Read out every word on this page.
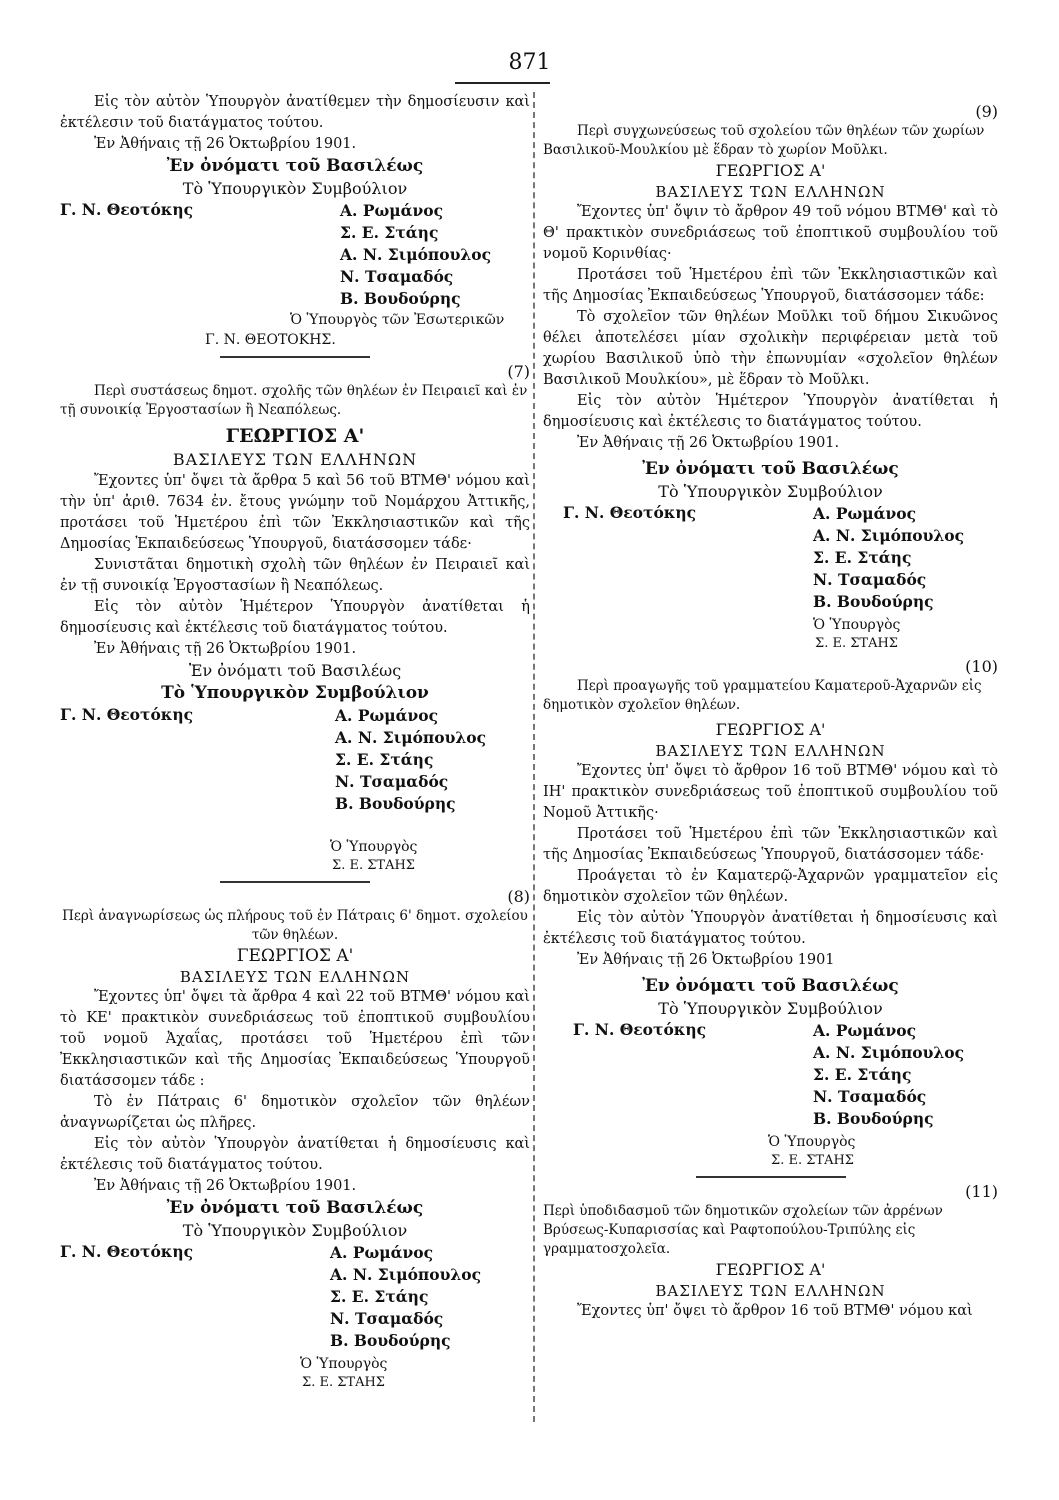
871

Εἰς τὸν αὐτὸν Ὑπουργὸν ἀνατίθεμεν τὴν δημοσίευσιν καὶ ἐκτέλεσιν τοῦ διατάγματος τούτου.

Ἐν Ἀθήναις τῇ 26 Ὀκτωβρίου 1901.

Ἐν ὀνόματι τοῦ Βασιλέως

Τὸ Ὑπουργικὸν Συμβούλιον

Γ. Ν. Θεοτόκης	Α. Ρωμάνος
Σ. Ε. Στάης
Α. Ν. Σιμόπουλος
Ν. Τσαμαδός
Β. Βουδούρης

Ὁ Ὑπουργὸς τῶν Ἐσωτερικῶν

Γ. Ν. ΘΕΟΤΟΚΗΣ.

(7)

Περὶ συστάσεως δημοτ. σχολῆς τῶν θηλέων ἐν Πειραιεῖ καὶ ἐν τῇ συνοικίᾳ Ἐργοστασίων ἢ Νεαπόλεως.

ΓΕΩΡΓΙΟΣ Α'

ΒΑΣΙΛΕΥΣ ΤΩΝ ΕΛΛΗΝΩΝ

Ἔχοντες ὑπ' ὄψει τὰ ἄρθρα 5 καὶ 56 τοῦ ΒΤΜΘ' νόμου καὶ τὴν ὑπ' ἀριθ. 7634 ἐν. ἔτους γνώμην τοῦ Νομάρχου Ἀττικῆς, προτάσει τοῦ Ἡμετέρου ἐπὶ τῶν Ἐκκλησιαστικῶν καὶ τῆς Δημοσίας Ἐκπαιδεύσεως Ὑπουργοῦ, διατάσσομεν τάδε·

Συνιστᾶται δημοτικὴ σχολὴ τῶν θηλέων ἐν Πειραιεῖ καὶ ἐν τῇ συνοικίᾳ Ἐργοστασίων ἢ Νεαπόλεως.

Εἰς τὸν αὐτὸν Ἡμέτερον Ὑπουργὸν ἀνατίθεται ἡ δημοσίευσις καὶ ἐκτέλεσις τοῦ διατάγματος τούτου.

Ἐν Ἀθήναις τῇ 26 Ὀκτωβρίου 1901.

Ἐν ὀνόματι τοῦ Βασιλέως

Τὸ Ὑπουργικὸν Συμβούλιον

Γ. Ν. Θεοτόκης	Α. Ρωμάνος
Α. Ν. Σιμόπουλος
Σ. Ε. Στάης
Ν. Τσαμαδός
Β. Βουδούρης

Ὁ Ὑπουργὸς

Σ. Ε. ΣΤΑΗΣ

(8)

Περὶ ἀναγνωρίσεως ὡς πλήρους τοῦ ἐν Πάτραις 6' δημοτ. σχολείου τῶν θηλέων.

ΓΕΩΡΓΙΟΣ Α'

ΒΑΣΙΛΕΥΣ ΤΩΝ ΕΛΛΗΝΩΝ

Ἔχοντες ὑπ' ὄψει τὰ ἄρθρα 4 καὶ 22 τοῦ ΒΤΜΘ' νόμου καὶ τὸ ΚΕ' πρακτικὸν συνεδριάσεως τοῦ ἐποπτικοῦ συμβουλίου τοῦ νομοῦ Ἀχαΐας, προτάσει τοῦ Ἡμετέρου ἐπὶ τῶν Ἐκκλησιαστικῶν καὶ τῆς Δημοσίας Ἐκπαιδεύσεως Ὑπουργοῦ διατάσσομεν τάδε :

Τὸ ἐν Πάτραις 6' δημοτικὸν σχολεῖον τῶν θηλέων ἀναγνωρίζεται ὡς πλῆρες.

Εἰς τὸν αὐτὸν Ὑπουργὸν ἀνατίθεται ἡ δημοσίευσις καὶ ἐκτέλεσις τοῦ διατάγματος τούτου.

Ἐν Ἀθήναις τῇ 26 Ὀκτωβρίου 1901.

Ἐν ὀνόματι τοῦ Βασιλέως

Τὸ Ὑπουργικὸν Συμβούλιον

Γ. Ν. Θεοτόκης	Α. Ρωμάνος
Α. Ν. Σιμόπουλος
Σ. Ε. Στάης
Ν. Τσαμαδός
Β. Βουδούρης

Ὁ Ὑπουργὸς

Σ. Ε. ΣΤΑΗΣ

(9)

Περὶ συγχωνεύσεως τοῦ σχολείου τῶν θηλέων τῶν χωρίων Βασιλικοῦ-Μουλκίου μὲ ἕδραν τὸ χωρίον Μοῦλκι.

ΓΕΩΡΓΙΟΣ Α'

ΒΑΣΙΛΕΥΣ ΤΩΝ ΕΛΛΗΝΩΝ

Ἔχοντες ὑπ' ὄψιν τὸ ἄρθρον 49 τοῦ νόμου ΒΤΜΘ' καὶ τὸ Θ' πρακτικὸν συνεδριάσεως τοῦ ἐποπτικοῦ συμβουλίου τοῦ νομοῦ Κορινθίας·

Προτάσει τοῦ Ἡμετέρου ἐπὶ τῶν Ἐκκλησιαστικῶν καὶ τῆς Δημοσίας Ἐκπαιδεύσεως Ὑπουργοῦ, διατάσσομεν τάδε:

Τὸ σχολεῖον τῶν θηλέων Μοῦλκι τοῦ δήμου Σικυῶνος θέλει ἀποτελέσει μίαν σχολικὴν περιφέρειαν μετὰ τοῦ χωρίου Βασιλικοῦ ὑπὸ τὴν ἐπωνυμίαν «σχολεῖον θηλέων Βασιλικοῦ Μουλκίου», μὲ ἕδραν τὸ Μοῦλκι.

Εἰς τὸν αὐτὸν Ἡμέτερον Ὑπουργὸν ἀνατίθεται ἡ δημοσίευσις καὶ ἐκτέλεσις το διατάγματος τούτου.

Ἐν Ἀθήναις τῇ 26 Ὀκτωβρίου 1901.

Ἐν ὀνόματι τοῦ Βασιλέως

Τὸ Ὑπουργικὸν Συμβούλιον

Γ. Ν. Θεοτόκης	Α. Ρωμάνος
Α. Ν. Σιμόπουλος
Σ. Ε. Στάης
Ν. Τσαμαδός
Β. Βουδούρης

Ὁ Ὑπουργὸς

Σ. Ε. ΣΤΑΗΣ

(10)

Περὶ προαγωγῆς τοῦ γραμματείου Καματεροῦ-Ἀχαρνῶν εἰς δημοτικὸν σχολεῖον θηλέων.

ΓΕΩΡΓΙΟΣ Α'

ΒΑΣΙΛΕΥΣ ΤΩΝ ΕΛΛΗΝΩΝ

Ἔχοντες ὑπ' ὄψει τὸ ἄρθρον 16 τοῦ ΒΤΜΘ' νόμου καὶ τὸ ΙΗ' πρακτικὸν συνεδριάσεως τοῦ ἐποπτικοῦ συμβουλίου τοῦ Νομοῦ Ἀττικῆς·

Προτάσει τοῦ Ἡμετέρου ἐπὶ τῶν Ἐκκλησιαστικῶν καὶ τῆς Δημοσίας Ἐκπαιδεύσεως Ὑπουργοῦ, διατάσσομεν τάδε·

Προάγεται τὸ ἐν Καματερῷ-Ἀχαρνῶν γραμματεῖον εἰς δημοτικὸν σχολεῖον τῶν θηλέων.

Εἰς τὸν αὐτὸν Ὑπουργὸν ἀνατίθεται ἡ δημοσίευσις καὶ ἐκτέλεσις τοῦ διατάγματος τούτου.

Ἐν Ἀθήναις τῇ 26 Ὀκτωβρίου 1901

Ἐν ὀνόματι τοῦ Βασιλέως

Τὸ Ὑπουργικὸν Συμβούλιον

Γ. Ν. Θεοτόκης	Α. Ρωμάνος
Α. Ν. Σιμόπουλος
Σ. Ε. Στάης
Ν. Τσαμαδός
Β. Βουδούρης

Ὁ Ὑπουργὸς

Σ. Ε. ΣΤΑΗΣ

(11)

Περὶ ὑποδιδασμοῦ τῶν δημοτικῶν σχολείων τῶν ἀρρένων Βρύσεως-Κυπαρισσίας καὶ Ραφτοπούλου-Τριπύλης εἰς γραμματοσχολεῖα.

ΓΕΩΡΓΙΟΣ Α'

ΒΑΣΙΛΕΥΣ ΤΩΝ ΕΛΛΗΝΩΝ

Ἔχοντες ὑπ' ὄψει τὸ ἄρθρον 16 τοῦ ΒΤΜΘ' νόμου καὶ
